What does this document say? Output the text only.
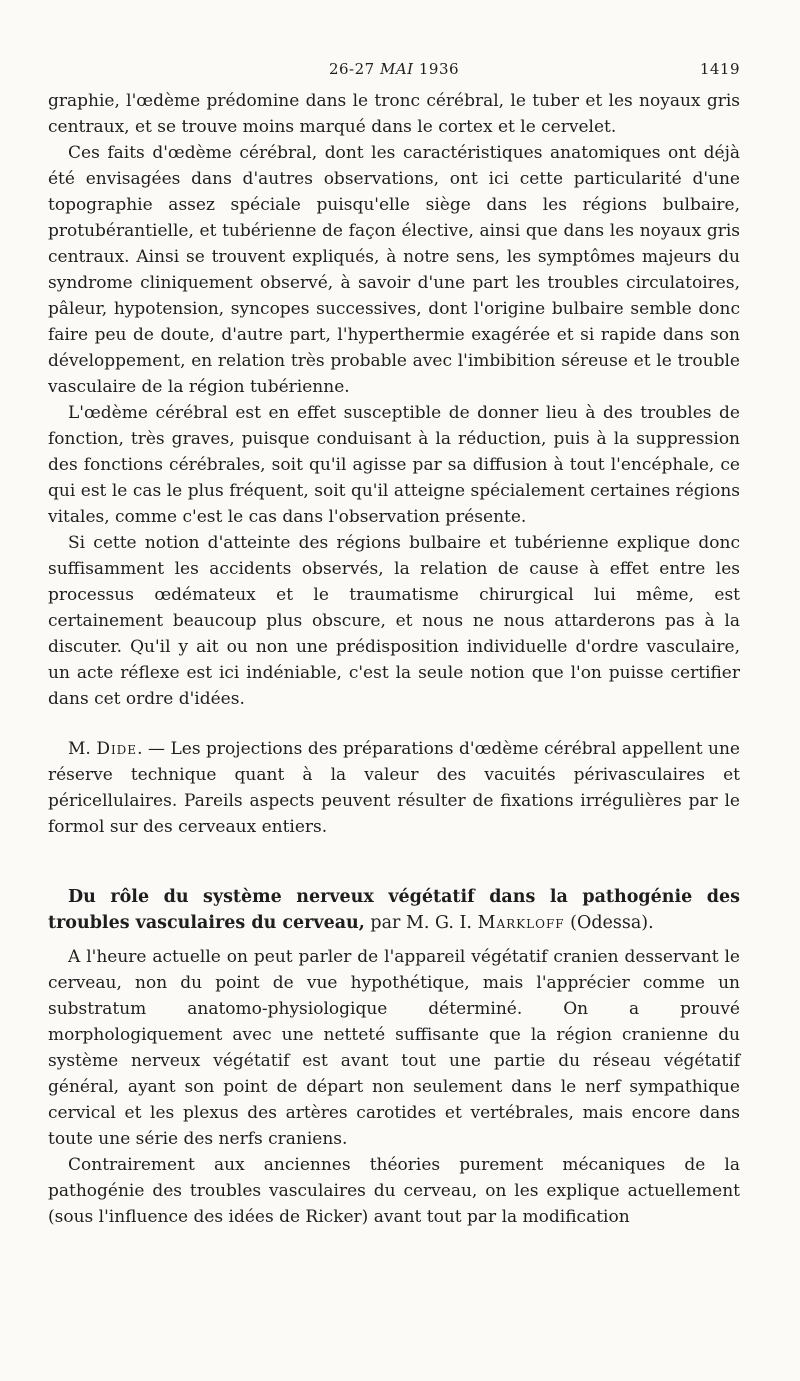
26-27 MAI 1936	1419

graphie, l'œdème prédomine dans le tronc cérébral, le tuber et les noyaux gris centraux, et se trouve moins marqué dans le cortex et le cervelet.

Ces faits d'œdème cérébral, dont les caractéristiques anatomiques ont déjà été envisagées dans d'autres observations, ont ici cette particularité d'une topographie assez spéciale puisqu'elle siège dans les régions bulbaire, protubérantielle, et tubérienne de façon élective, ainsi que dans les noyaux gris centraux. Ainsi se trouvent expliqués, à notre sens, les symptômes majeurs du syndrome cliniquement observé, à savoir d'une part les troubles circulatoires, pâleur, hypotension, syncopes successives, dont l'origine bulbaire semble donc faire peu de doute, d'autre part, l'hyperthermie exagérée et si rapide dans son développement, en relation très probable avec l'imbibition séreuse et le trouble vasculaire de la région tubérienne.

L'œdème cérébral est en effet susceptible de donner lieu à des troubles de fonction, très graves, puisque conduisant à la réduction, puis à la suppression des fonctions cérébrales, soit qu'il agisse par sa diffusion à tout l'encéphale, ce qui est le cas le plus fréquent, soit qu'il atteigne spécialement certaines régions vitales, comme c'est le cas dans l'observation présente.

Si cette notion d'atteinte des régions bulbaire et tubérienne explique donc suffisamment les accidents observés, la relation de cause à effet entre les processus œdémateux et le traumatisme chirurgical lui même, est certainement beaucoup plus obscure, et nous ne nous attarderons pas à la discuter. Qu'il y ait ou non une prédisposition individuelle d'ordre vasculaire, un acte réflexe est ici indéniable, c'est la seule notion que l'on puisse certifier dans cet ordre d'idées.

M. Dide. — Les projections des préparations d'œdème cérébral appellent une réserve technique quant à la valeur des vacuités périvasculaires et péricellulaires. Pareils aspects peuvent résulter de fixations irrégulières par le formol sur des cerveaux entiers.

Du rôle du système nerveux végétatif dans la pathogénie des troubles vasculaires du cerveau, par M. G. I. Markloff (Odessa).

A l'heure actuelle on peut parler de l'appareil végétatif cranien desservant le cerveau, non du point de vue hypothétique, mais l'apprécier comme un substratum anatomo-physiologique déterminé. On a prouvé morphologiquement avec une netteté suffisante que la région cranienne du système nerveux végétatif est avant tout une partie du réseau végétatif général, ayant son point de départ non seulement dans le nerf sympathique cervical et les plexus des artères carotides et vertébrales, mais encore dans toute une série des nerfs craniens.

Contrairement aux anciennes théories purement mécaniques de la pathogénie des troubles vasculaires du cerveau, on les explique actuellement (sous l'influence des idées de Ricker) avant tout par la modification
